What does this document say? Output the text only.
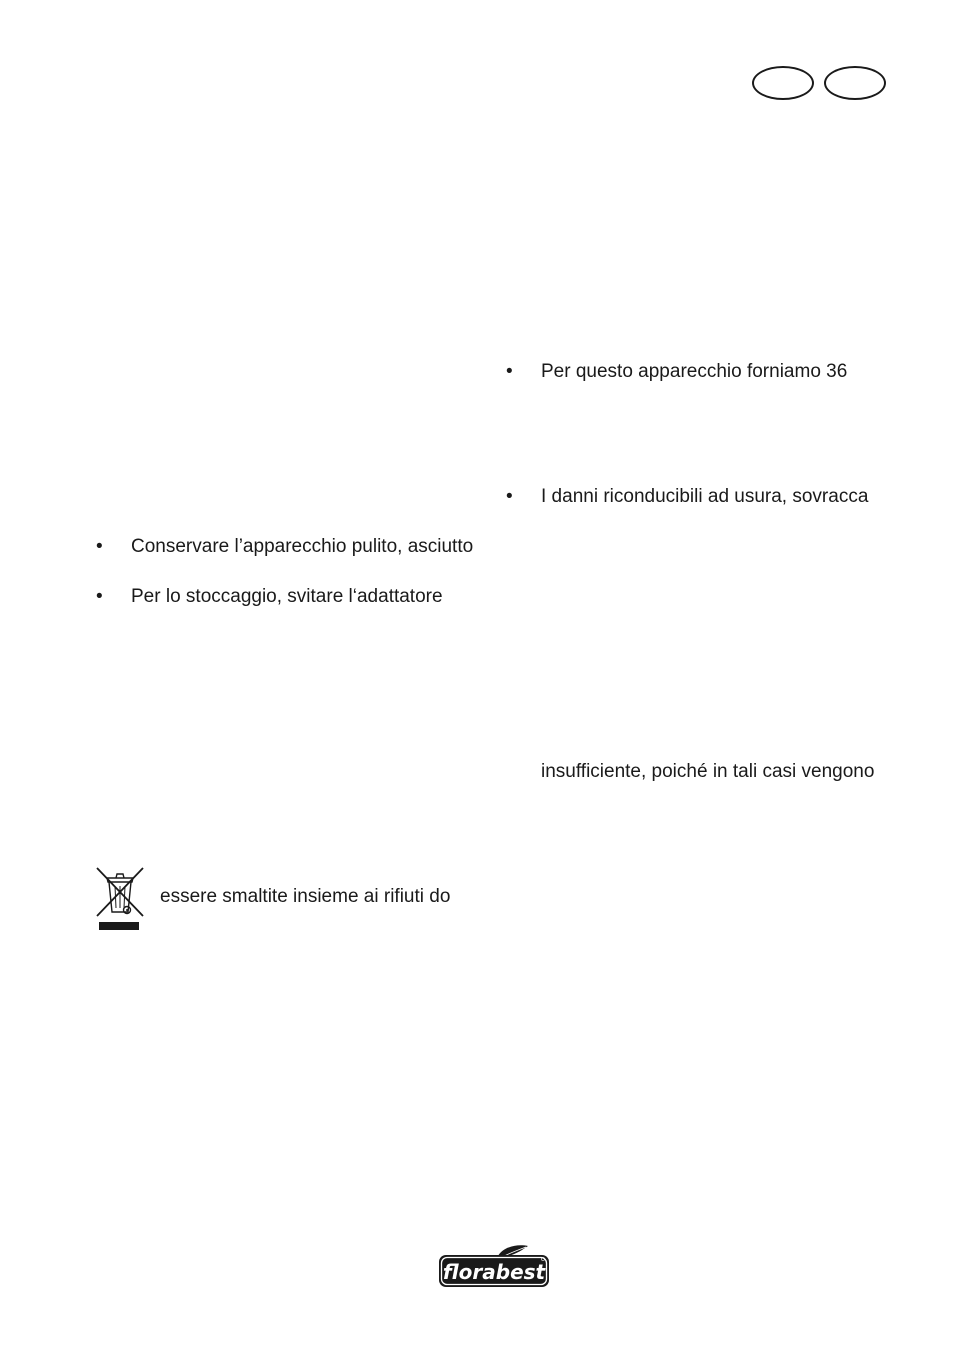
• Per questo apparecchio forniamo 36
• I danni riconducibili ad usura, sovracca
insufficiente, poiché in tali casi vengono
• Conservare l’apparecchio pulito, asciutto
• Per lo stoccaggio, svitare l‘adattatore
essere smaltite insieme ai rifiuti do
florabest
